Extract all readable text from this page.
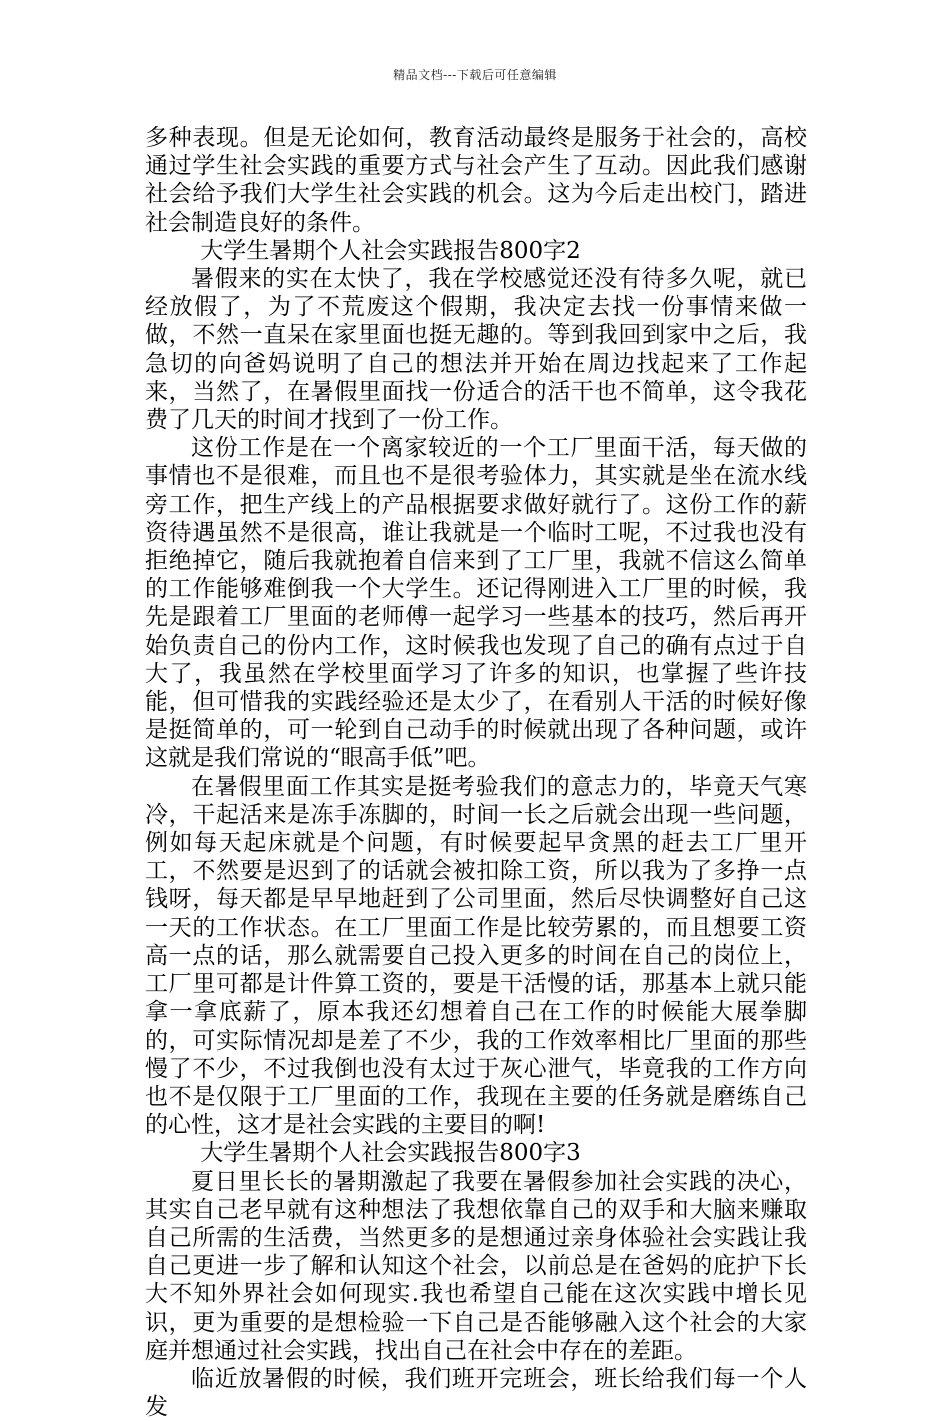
精品文档---下载后可任意编辑

多种表现。但是无论如何，教育活动最终是服务于社会的，高校通过学生社会实践的重要方式与社会产生了互动。因此我们感谢社会给予我们大学生社会实践的机会。这为今后走出校门，踏进社会制造良好的条件。

大学生暑期个人社会实践报告800字2

暑假来的实在太快了，我在学校感觉还没有待多久呢，就已经放假了，为了不荒废这个假期，我决定去找一份事情来做一做，不然一直呆在家里面也挺无趣的。等到我回到家中之后，我急切的向爸妈说明了自己的想法并开始在周边找起来了工作起来，当然了，在暑假里面找一份适合的活干也不简单，这令我花费了几天的时间才找到了一份工作。

这份工作是在一个离家较近的一个工厂里面干活，每天做的事情也不是很难，而且也不是很考验体力，其实就是坐在流水线旁工作，把生产线上的产品根据要求做好就行了。这份工作的薪资待遇虽然不是很高，谁让我就是一个临时工呢，不过我也没有拒绝掉它，随后我就抱着自信来到了工厂里，我就不信这么简单的工作能够难倒我一个大学生。还记得刚进入工厂里的时候，我先是跟着工厂里面的老师傅一起学习一些基本的技巧，然后再开始负责自己的份内工作，这时候我也发现了自己的确有点过于自大了，我虽然在学校里面学习了许多的知识，也掌握了些许技能，但可惜我的实践经验还是太少了，在看别人干活的时候好像是挺简单的，可一轮到自己动手的时候就出现了各种问题，或许这就是我们常说的“眼高手低”吧。

在暑假里面工作其实是挺考验我们的意志力的，毕竟天气寒冷，干起活来是冻手冻脚的，时间一长之后就会出现一些问题，例如每天起床就是个问题，有时候要起早贪黑的赶去工厂里开工，不然要是迟到了的话就会被扣除工资，所以我为了多挣一点钱呀，每天都是早早地赶到了公司里面，然后尽快调整好自己这一天的工作状态。在工厂里面工作是比较劳累的，而且想要工资高一点的话，那么就需要自己投入更多的时间在自己的岗位上，工厂里可都是计件算工资的，要是干活慢的话，那基本上就只能拿一拿底薪了，原本我还幻想着自己在工作的时候能大展拳脚的，可实际情况却是差了不少，我的工作效率相比厂里面的那些慢了不少，不过我倒也没有太过于灰心泄气，毕竟我的工作方向也不是仅限于工厂里面的工作，我现在主要的任务就是磨练自己的心性，这才是社会实践的主要目的啊!

大学生暑期个人社会实践报告800字3

夏日里长长的暑期激起了我要在暑假参加社会实践的决心，其实自己老早就有这种想法了我想依靠自己的双手和大脑来赚取自己所需的生活费，当然更多的是想通过亲身体验社会实践让我自己更进一步了解和认知这个社会，以前总是在爸妈的庇护下长大不知外界社会如何现实.我也希望自己能在这次实践中增长见识，更为重要的是想检验一下自己是否能够融入这个社会的大家庭并想通过社会实践，找出自己在社会中存在的差距。

临近放暑假的时候，我们班开完班会，班长给我们每一个人发
